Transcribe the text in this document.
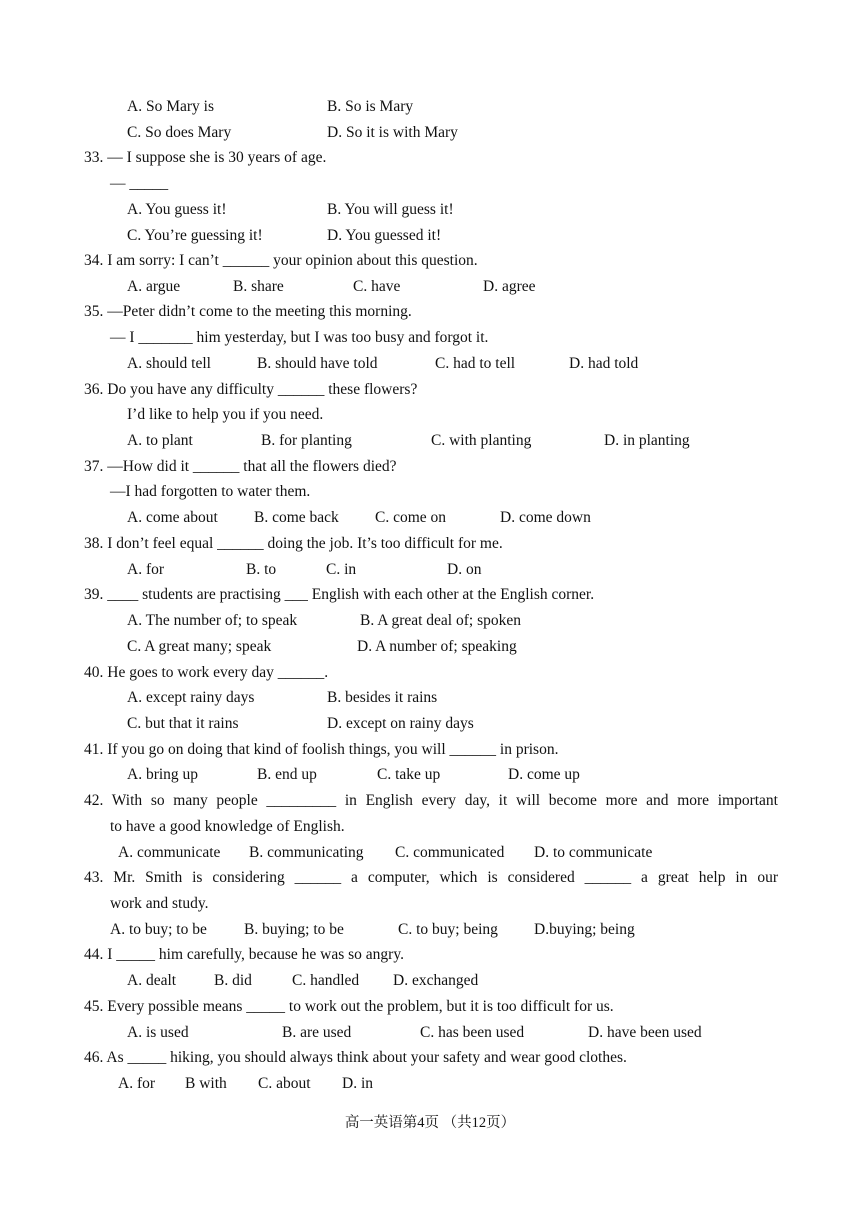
A. So Mary is	B. So is Mary
C. So does Mary	D. So it is with Mary
33. — I suppose she is 30 years of age.
— _____
A. You guess it!	B. You will guess it!
C. You’re guessing it!	D. You guessed it!
34. I am sorry: I can’t ______ your opinion about this question.
A. argue	B. share	C. have	D. agree
35. —Peter didn’t come to the meeting this morning.
— I _______ him yesterday, but I was too busy and forgot it.
A. should tell	B. should have told	C. had to tell	D. had told
36. Do you have any difficulty ______ these flowers?
I’d like to help you if you need.
A. to plant	B. for planting	C. with planting	D. in planting
37. —How did it ______ that all the flowers died?
—I had forgotten to water them.
A. come about B. come back C. come on	D. come down
38. I don’t feel equal ______ doing the job. It’s too difficult for me.
A. for	B. to	C. in	D. on
39. ____ students are practising ___ English with each other at the English corner.
A. The number of; to speak	B. A great deal of; spoken
C. A great many; speak	D. A number of; speaking
40. He goes to work every day ______.
A. except rainy days	B. besides it rains
C. but that it rains	D. except on rainy days
41. If you go on doing that kind of foolish things, you will ______ in prison.
A. bring up	B. end up	C. take up	D. come up
42. With so many people _________ in English every day, it will become more and more important
to have a good knowledge of English.
A. communicate B. communicating C. communicated D. to communicate
43. Mr. Smith is considering ______ a computer, which is considered ______ a great help in our
work and study.
A. to buy; to be B. buying; to be	C. to buy; being D.buying; being
44. I _____ him carefully, because he was so angry.
A. dealt B. did	C. handled D. exchanged
45. Every possible means _____ to work out the problem, but it is too difficult for us.
A. is used	B. are used	C. has been used	D. have been used
46. As _____ hiking, you should always think about your safety and wear good clothes.
A. for B with C. about D. in
高一英语第4页 （共12页）
